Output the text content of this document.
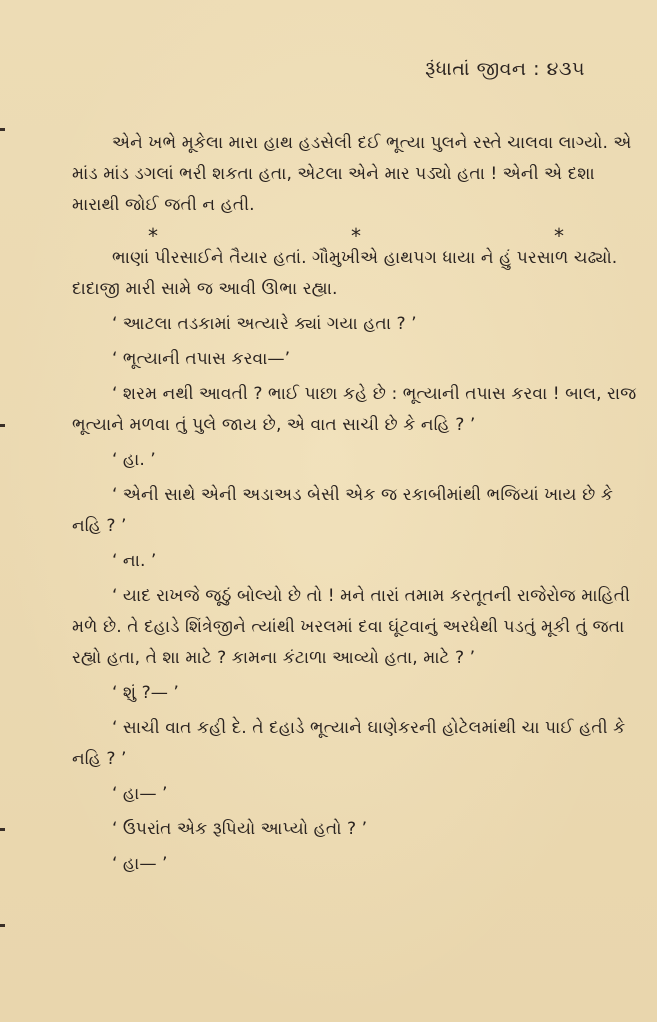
રૂંધાતાં જીવન : ૪૩૫

એને ખભે મૂકેલા મારા હાથ હડસેલી દઈ ભૂત્યા પુલને રસ્તે ચાલવા લાગ્યો. એ માંડ માંડ ડગલાં ભરી શકતા હતા, એટલા એને માર પડ્યો હતા ! એની એ દશા મારાથી જોઈ જતી ન હતી.

*	*	*

ભાણાં પીરસાઈને તૈયાર હતાં. ગૌમુખીએ હાથપગ ધાયા ને હું પરસાળ ચઢ્યો. દાદાજી મારી સામે જ આવી ઊભા રહ્યા.

‘ આટલા તડકામાં અત્યારે ક્યાં ગયા હતા ? ’

‘ ભૂત્યાની તપાસ કરવા—’

‘ શરમ નથી આવતી ? ભાઈ પાછા કહે છે : ભૂત્યાની તપાસ કરવા ! બાલ, રાજ ભૂત્યાને મળવા તું પુલે જાય છે, એ વાત સાચી છે કે નહિ ? ’

‘ હા. ’

‘ એની સાથે એની અડાઅડ બેસી એક જ રકાબીમાંથી ભજિયાં ખાય છે કે નહિ ? ’

‘ ના. ’

‘ યાદ રાખજે જૂઠું બોલ્યો છે તો ! મને તારાં તમામ કરતૂતની રાજેરોજ માહિતી મળે છે. તે દહાડે શિંત્રેજીને ત્યાંથી ખરલમાં દવા ઘૂંટવાનું અરધેથી પડતું મૂકી તું જતા રહ્યો હતા, તે શા માટે ? કામના કંટાળા આવ્યો હતા, માટે ? ’

‘ શું ?— ’

‘ સાચી વાત કહી દે. તે દહાડે ભૂત્યાને ઘાણેકરની હોટેલમાંથી ચા પાઈ હતી કે નહિ ? ’

‘ હા— ’

‘ ઉપરાંત એક રૂપિયો આપ્યો હતો ? ’

‘ હા— ’
